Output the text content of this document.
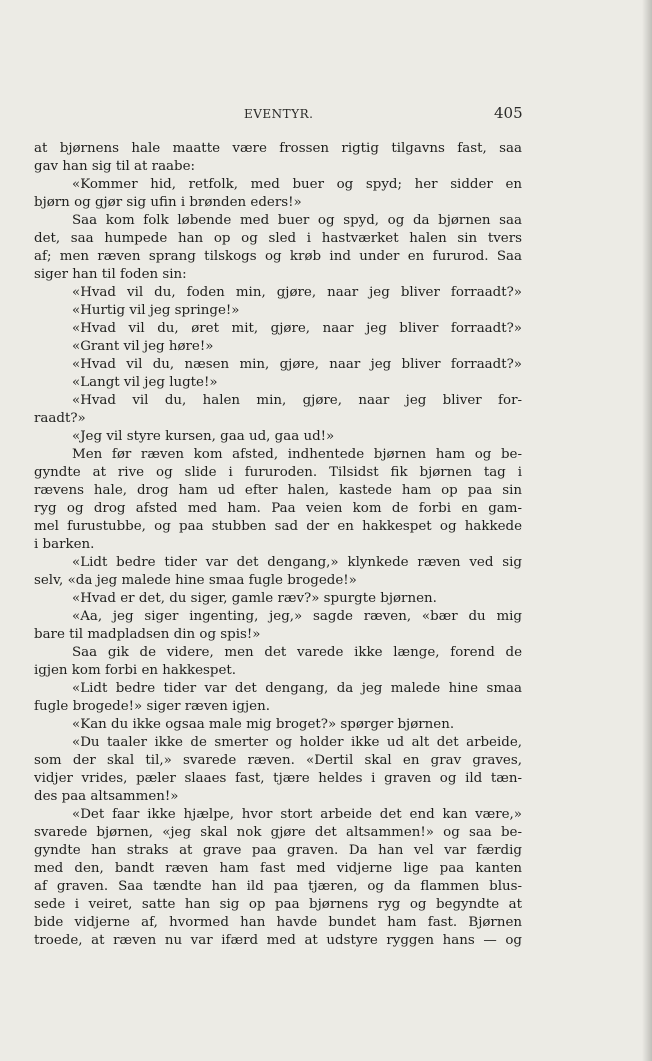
EVENTYR.	405
at bjørnens hale maatte være frossen rigtig tilgavns fast, saa
gav han sig til at raabe:
«Kommer hid, retfolk, med buer og spyd; her sidder en
bjørn og gjør sig ufin i brønden eders!»
Saa kom folk løbende med buer og spyd, og da bjørnen saa
det, saa humpede han op og sled i hastværket halen sin tvers
af; men ræven sprang tilskogs og krøb ind under en fururod. Saa
siger han til foden sin:
«Hvad vil du, foden min, gjøre, naar jeg bliver forraadt?»
«Hurtig vil jeg springe!»
«Hvad vil du, øret mit, gjøre, naar jeg bliver forraadt?»
«Grant vil jeg høre!»
«Hvad vil du, næsen min, gjøre, naar jeg bliver forraadt?»
«Langt vil jeg lugte!»
«Hvad vil du, halen min, gjøre, naar jeg bliver for-
raadt?»
«Jeg vil styre kursen, gaa ud, gaa ud!»
Men før ræven kom afsted, indhentede bjørnen ham og be-
gyndte at rive og slide i fururoden. Tilsidst fik bjørnen tag i
rævens hale, drog ham ud efter halen, kastede ham op paa sin
ryg og drog afsted med ham. Paa veien kom de forbi en gam-
mel furustubbe, og paa stubben sad der en hakkespet og hakkede
i barken.
«Lidt bedre tider var det dengang,» klynkede ræven ved sig
selv, «da jeg malede hine smaa fugle brogede!»
«Hvad er det, du siger, gamle ræv?» spurgte bjørnen.
«Aa, jeg siger ingenting, jeg,» sagde ræven, «bær du mig
bare til madpladsen din og spis!»
Saa gik de videre, men det varede ikke længe, forend de
igjen kom forbi en hakkespet.
«Lidt bedre tider var det dengang, da jeg malede hine smaa
fugle brogede!» siger ræven igjen.
«Kan du ikke ogsaa male mig broget?» spørger bjørnen.
«Du taaler ikke de smerter og holder ikke ud alt det arbeide,
som der skal til,» svarede ræven. «Dertil skal en grav graves,
vidjer vrides, pæler slaaes fast, tjære heldes i graven og ild tæn-
des paa altsammen!»
«Det faar ikke hjælpe, hvor stort arbeide det end kan være,»
svarede bjørnen, «jeg skal nok gjøre det altsammen!» og saa be-
gyndte han straks at grave paa graven. Da han vel var færdig
med den, bandt ræven ham fast med vidjerne lige paa kanten
af graven. Saa tændte han ild paa tjæren, og da flammen blus-
sede i veiret, satte han sig op paa bjørnens ryg og begyndte at
bide vidjerne af, hvormed han havde bundet ham fast. Bjørnen
troede, at ræven nu var ifærd med at udstyre ryggen hans — og
